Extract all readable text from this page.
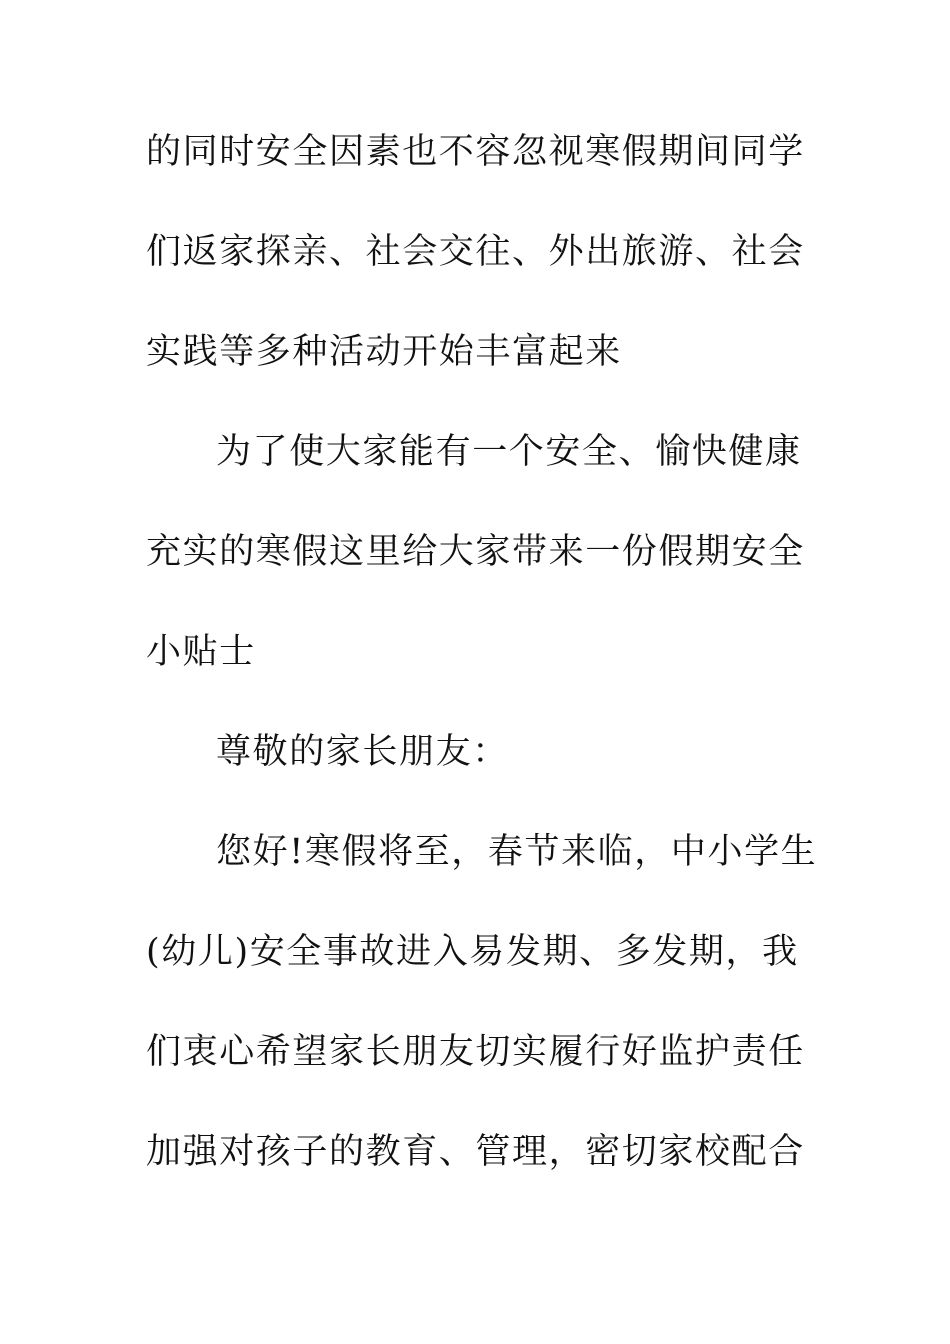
的同时安全因素也不容忽视寒假期间同学
们返家探亲、社会交往、外出旅游、社会
实践等多种活动开始丰富起来
为了使大家能有一个安全、愉快健康
充实的寒假这里给大家带来一份假期安全
小贴士
尊敬的家长朋友：
您好!寒假将至，春节来临，中小学生
(幼儿)安全事故进入易发期、多发期，我
们衷心希望家长朋友切实履行好监护责任
加强对孩子的教育、管理，密切家校配合
